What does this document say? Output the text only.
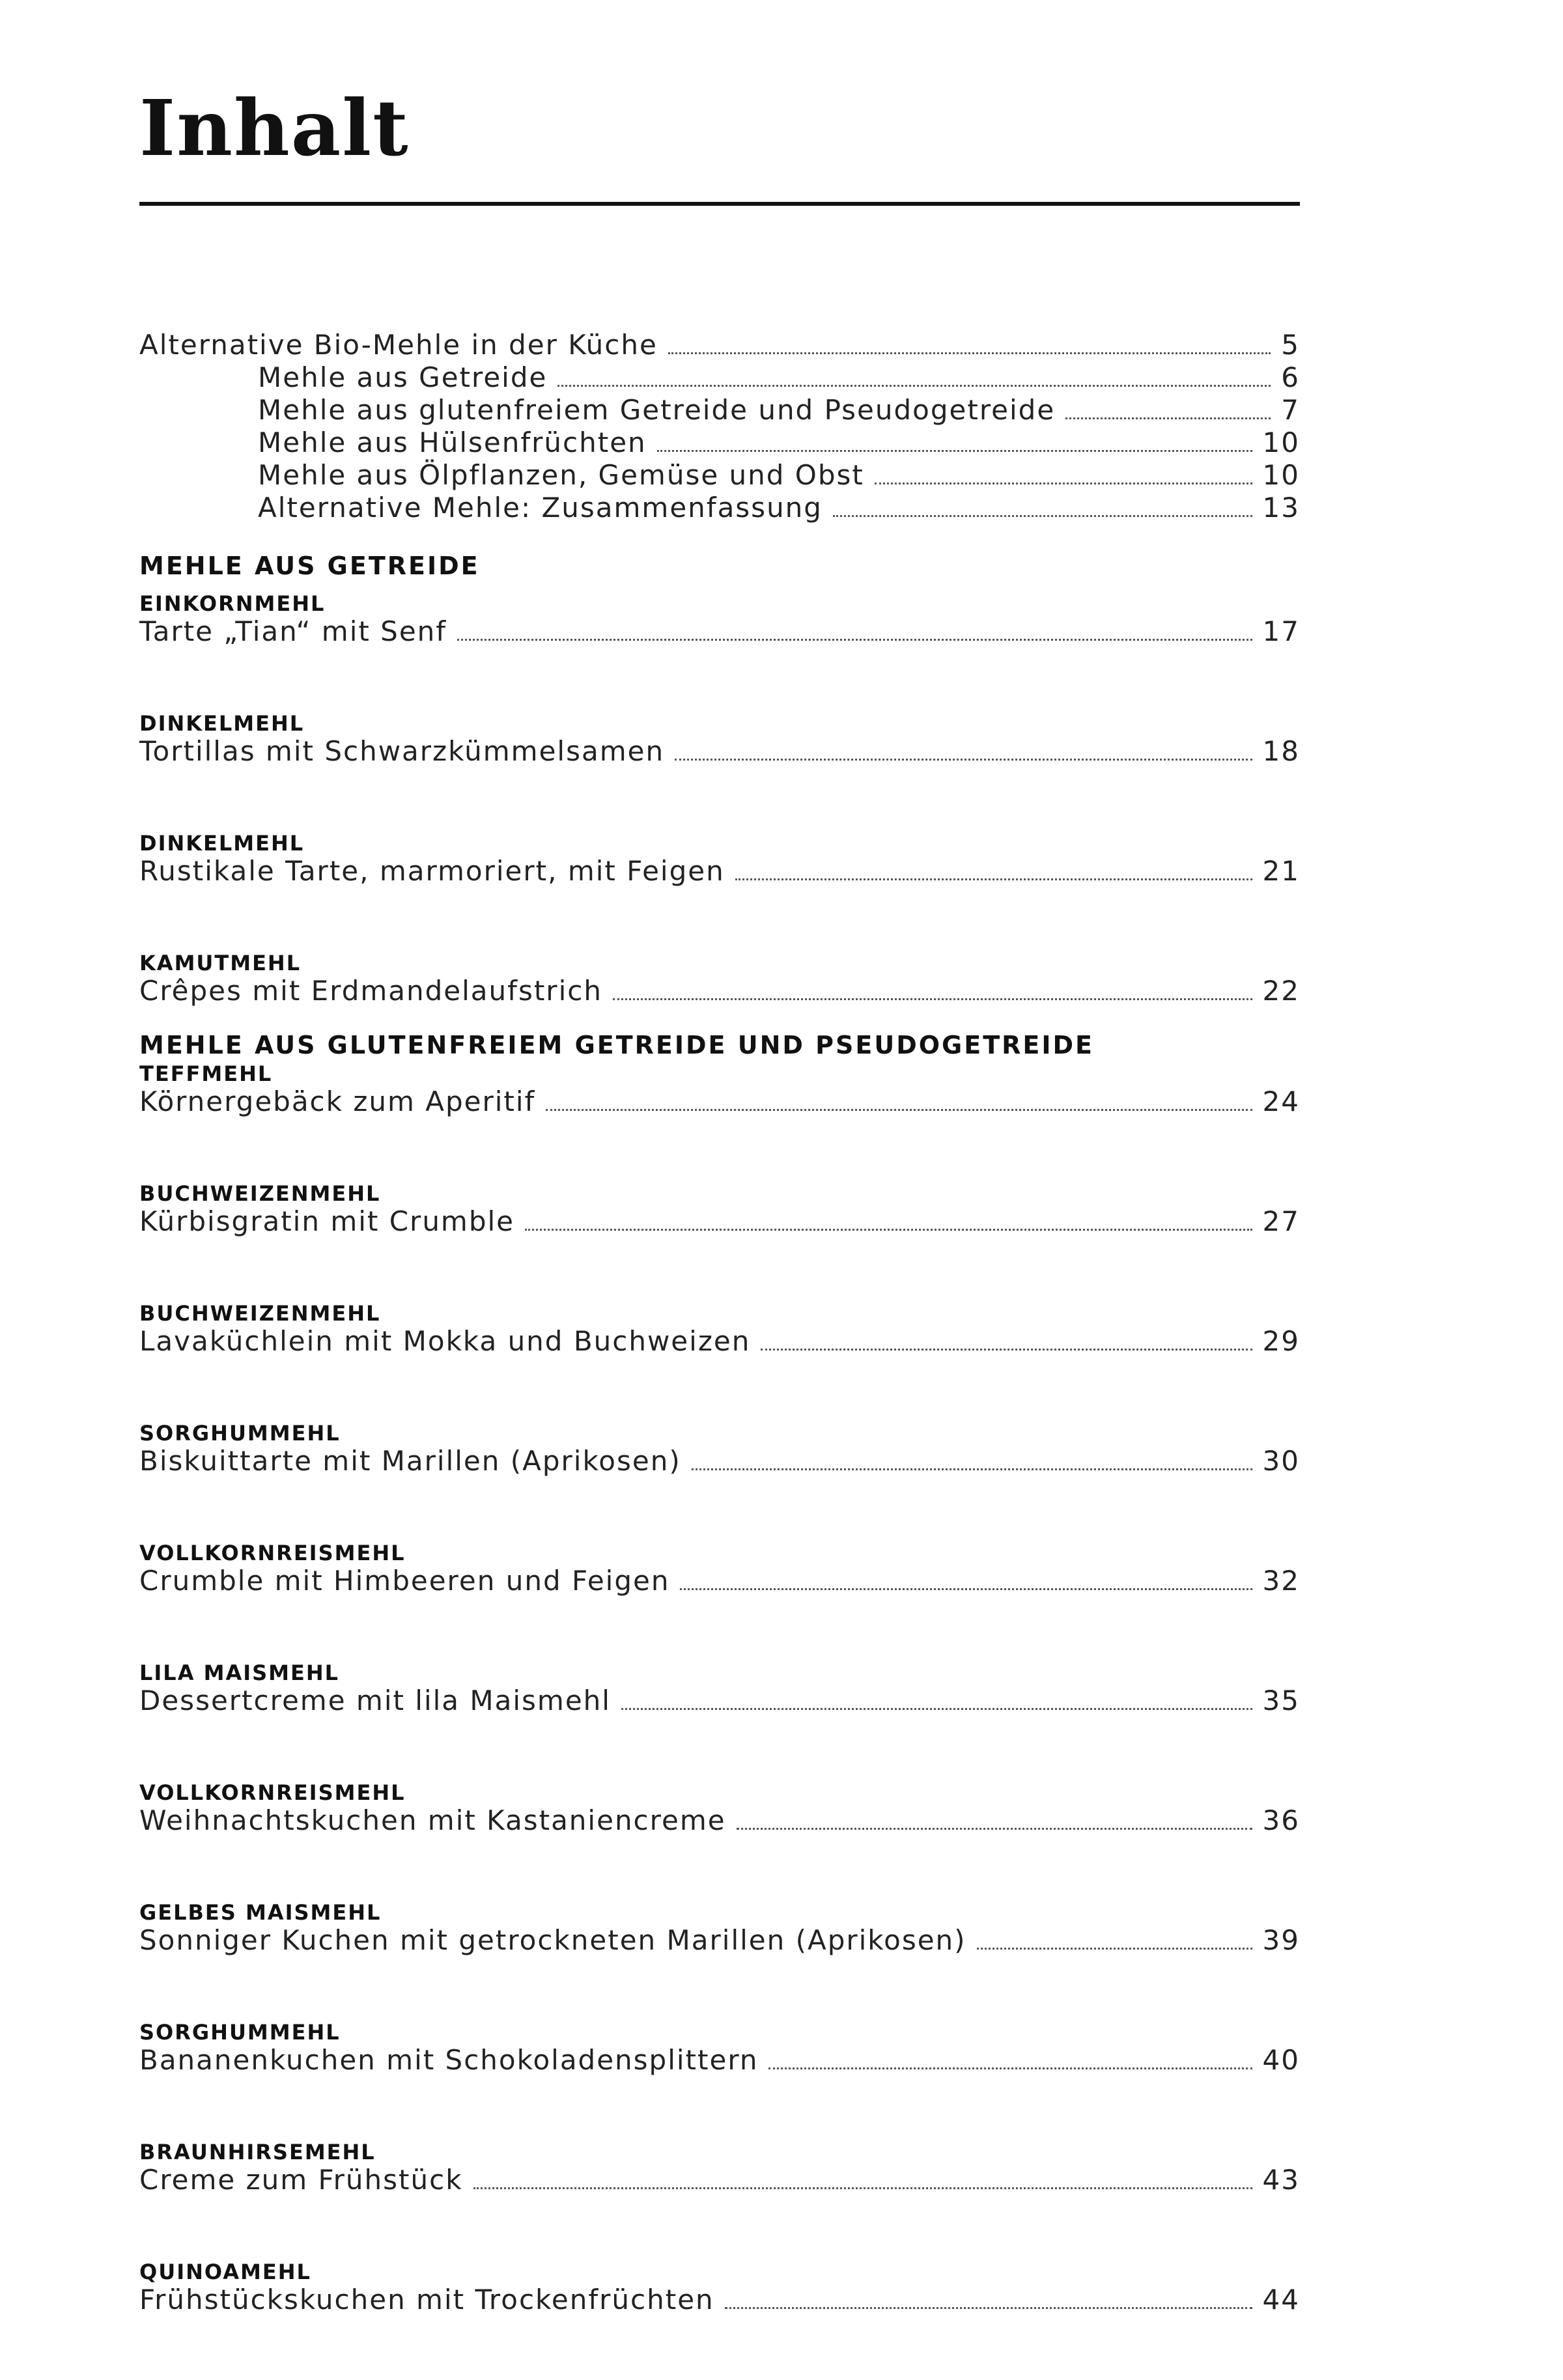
Inhalt
Alternative Bio-Mehle in der Küche	5
Mehle aus Getreide	6
Mehle aus glutenfreiem Getreide und Pseudogetreide	7
Mehle aus Hülsenfrüchten	10
Mehle aus Ölpflanzen, Gemüse und Obst	10
Alternative Mehle: Zusammenfassung	13
MEHLE AUS GETREIDE
EINKORNMEHL
Tarte „Tian“ mit Senf	17
DINKELMEHL
Tortillas mit Schwarzkümmelsamen	18
DINKELMEHL
Rustikale Tarte, marmoriert, mit Feigen	21
KAMUTMEHL
Crêpes mit Erdmandelaufstrich	22
MEHLE AUS GLUTENFREIEM GETREIDE UND PSEUDOGETREIDE
TEFFMEHL
Körnergebäck zum Aperitif	24
BUCHWEIZENMEHL
Kürbisgratin mit Crumble	27
BUCHWEIZENMEHL
Lavaküchlein mit Mokka und Buchweizen	29
SORGHUMMEHL
Biskuittarte mit Marillen (Aprikosen)	30
VOLLKORNREISMEHL
Crumble mit Himbeeren und Feigen	32
LILA MAISMEHL
Dessertcreme mit lila Maismehl	35
VOLLKORNREISMEHL
Weihnachtskuchen mit Kastaniencreme	36
GELBES MAISMEHL
Sonniger Kuchen mit getrockneten Marillen (Aprikosen)	39
SORGHUMMEHL
Bananenkuchen mit Schokoladensplittern	40
BRAUNHIRSEMEHL
Creme zum Frühstück	43
QUINOAMEHL
Frühstückskuchen mit Trockenfrüchten	44
